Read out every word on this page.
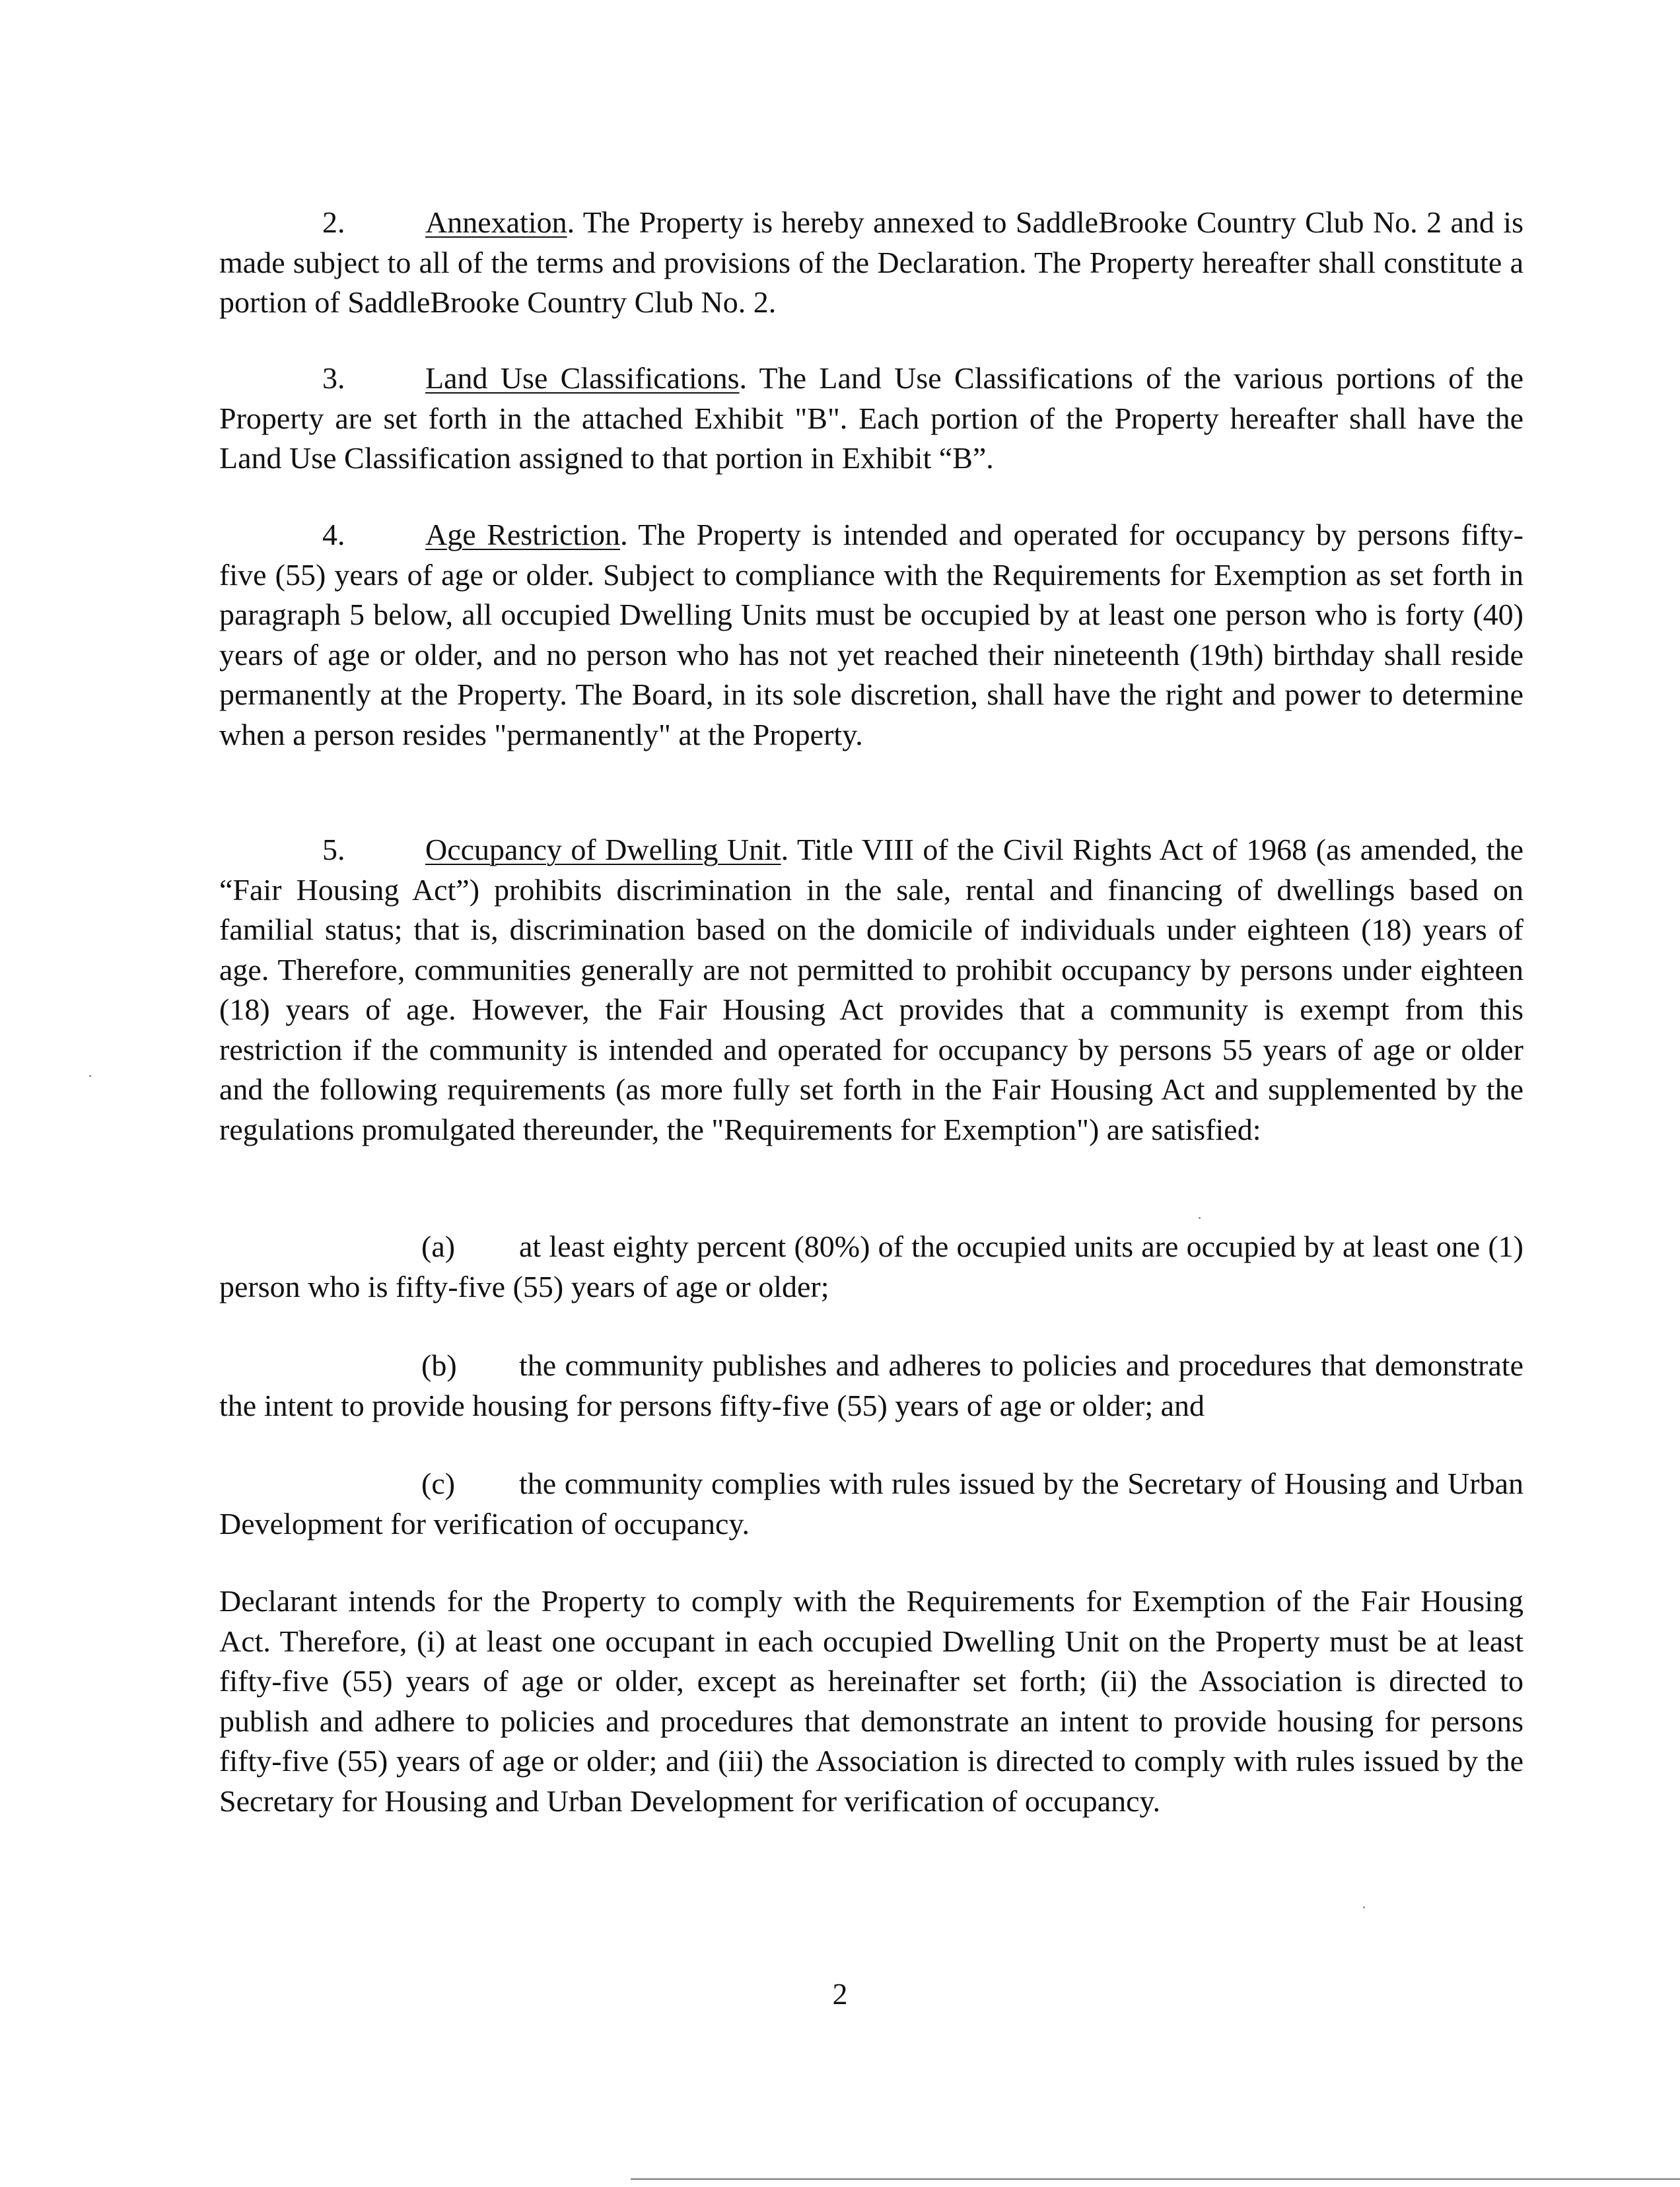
2.	Annexation. The Property is hereby annexed to SaddleBrooke Country Club No. 2 and is made subject to all of the terms and provisions of the Declaration. The Property hereafter shall constitute a portion of SaddleBrooke Country Club No. 2.

3.	Land Use Classifications. The Land Use Classifications of the various portions of the Property are set forth in the attached Exhibit "B". Each portion of the Property hereafter shall have the Land Use Classification assigned to that portion in Exhibit “B”.

4.	Age Restriction. The Property is intended and operated for occupancy by persons fifty-five (55) years of age or older. Subject to compliance with the Requirements for Exemption as set forth in paragraph 5 below, all occupied Dwelling Units must be occupied by at least one person who is forty (40) years of age or older, and no person who has not yet reached their nineteenth (19th) birthday shall reside permanently at the Property. The Board, in its sole discretion, shall have the right and power to determine when a person resides "permanently" at the Property.

5.	Occupancy of Dwelling Unit. Title VIII of the Civil Rights Act of 1968 (as amended, the “Fair Housing Act”) prohibits discrimination in the sale, rental and financing of dwellings based on familial status; that is, discrimination based on the domicile of individuals under eighteen (18) years of age. Therefore, communities generally are not permitted to prohibit occupancy by persons under eighteen (18) years of age. However, the Fair Housing Act provides that a community is exempt from this restriction if the community is intended and operated for occupancy by persons 55 years of age or older and the following requirements (as more fully set forth in the Fair Housing Act and supplemented by the regulations promulgated thereunder, the "Requirements for Exemption") are satisfied:

(a) at least eighty percent (80%) of the occupied units are occupied by at least one (1) person who is fifty-five (55) years of age or older;

(b) the community publishes and adheres to policies and procedures that demonstrate the intent to provide housing for persons fifty-five (55) years of age or older; and

(c) the community complies with rules issued by the Secretary of Housing and Urban Development for verification of occupancy.

Declarant intends for the Property to comply with the Requirements for Exemption of the Fair Housing Act. Therefore, (i) at least one occupant in each occupied Dwelling Unit on the Property must be at least fifty-five (55) years of age or older, except as hereinafter set forth; (ii) the Association is directed to publish and adhere to policies and procedures that demonstrate an intent to provide housing for persons fifty-five (55) years of age or older; and (iii) the Association is directed to comply with rules issued by the Secretary for Housing and Urban Development for verification of occupancy.

2
